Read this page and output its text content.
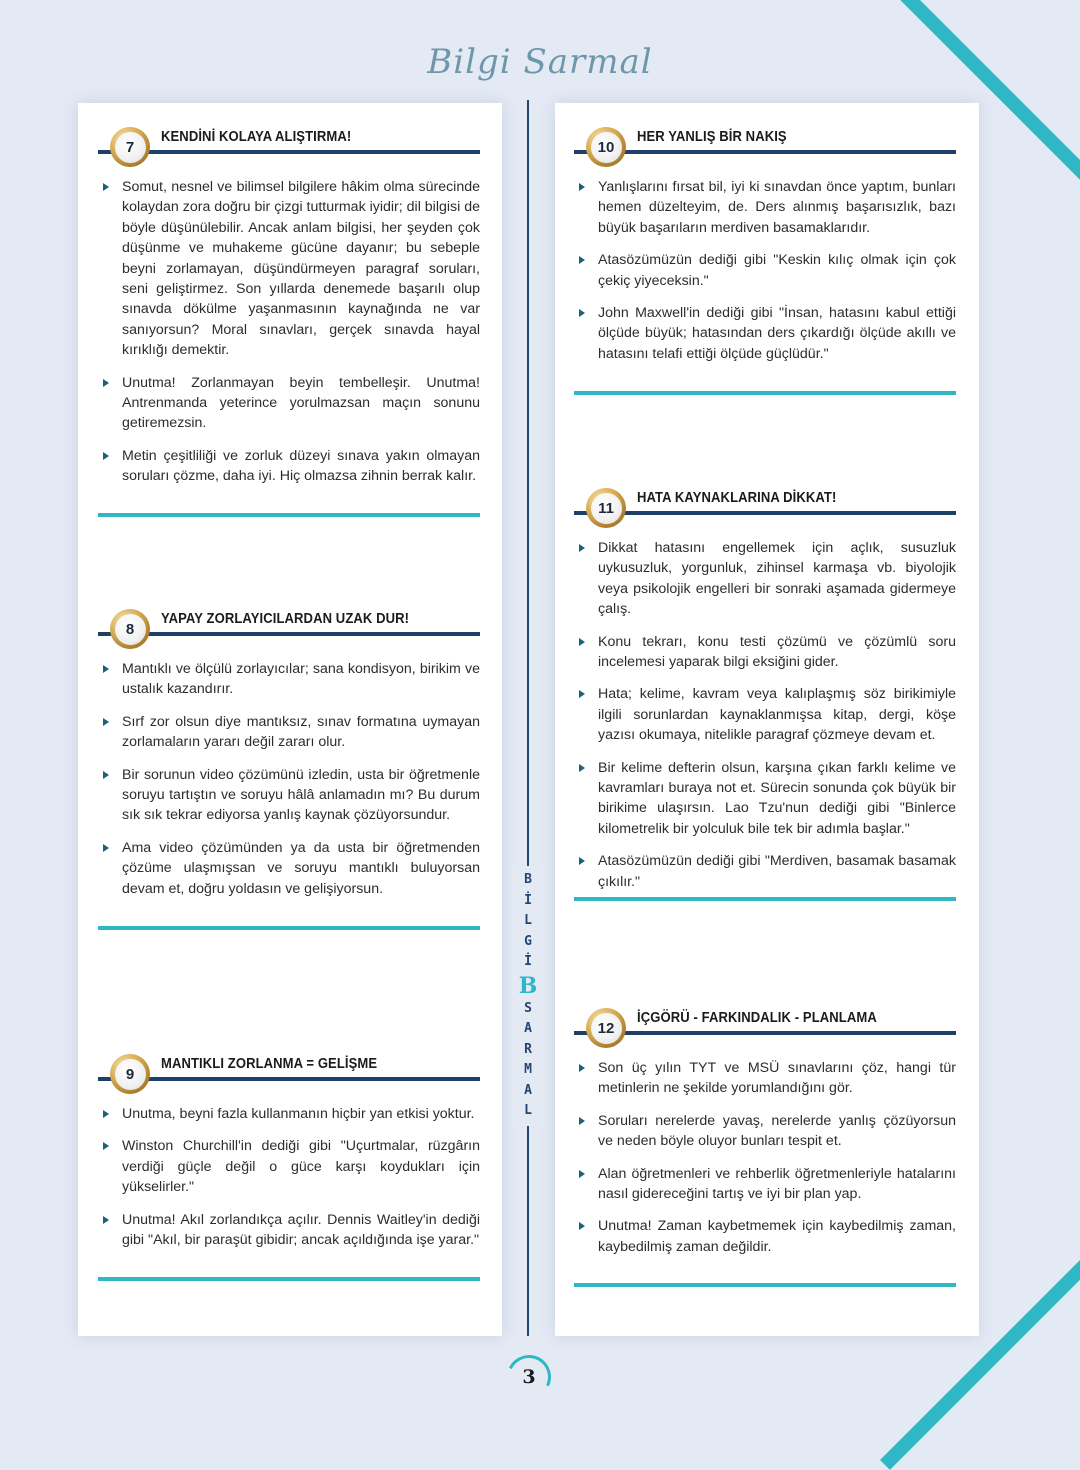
Bilgi Sarmal
B
İ
L
G
İ
B
S
A
R
M
A
L
7
KENDİNİ KOLAYA ALIŞTIRMA!
Somut, nesnel ve bilimsel bilgilere hâkim olma sürecinde kolaydan zora doğru bir çizgi tutturmak iyidir; dil bilgisi de böyle düşünülebilir. Ancak anlam bilgisi, her şeyden çok düşünme ve muhakeme gücüne dayanır; bu sebeple beyni zorlamayan, düşündürmeyen paragraf soruları, seni geliştirmez. Son yıllarda denemede başarılı olup sınavda dökülme yaşanmasının kaynağında ne var sanıyorsun? Moral sınavları, gerçek sınavda hayal kırıklığı demektir.
Unutma! Zorlanmayan beyin tembelleşir. Unutma! Antrenmanda yeterince yorulmazsan maçın sonunu getiremezsin.
Metin çeşitliliği ve zorluk düzeyi sınava yakın olmayan soruları çözme, daha iyi. Hiç olmazsa zihnin berrak kalır.
8
YAPAY ZORLAYICILARDAN UZAK DUR!
Mantıklı ve ölçülü zorlayıcılar; sana kondisyon, birikim ve ustalık kazandırır.
Sırf zor olsun diye mantıksız, sınav formatına uymayan zorlamaların yararı değil zararı olur.
Bir sorunun video çözümünü izledin, usta bir öğretmenle soruyu tartıştın ve soruyu hâlâ anlamadın mı? Bu durum sık sık tekrar ediyorsa yanlış kaynak çözüyorsundur.
Ama video çözümünden ya da usta bir öğretmenden çözüme ulaşmışsan ve soruyu mantıklı buluyorsan devam et, doğru yoldasın ve gelişiyorsun.
9
MANTIKLI ZORLANMA = GELİŞME
Unutma, beyni fazla kullanmanın hiçbir yan etkisi yoktur.
Winston Churchill'in dediği gibi "Uçurtmalar, rüzgârın verdiği güçle değil o güce karşı koydukları için yükselirler."
Unutma! Akıl zorlandıkça açılır. Dennis Waitley'in dediği gibi "Akıl, bir paraşüt gibidir; ancak açıldığında işe yarar."
10
HER YANLIŞ BİR NAKIŞ
Yanlışlarını fırsat bil, iyi ki sınavdan önce yaptım, bunları hemen düzelteyim, de. Ders alınmış başarısızlık, bazı büyük başarıların merdiven basamaklarıdır.
Atasözümüzün dediği gibi "Keskin kılıç olmak için çok çekiç yiyeceksin."
John Maxwell'in dediği gibi "İnsan, hatasını kabul ettiği ölçüde büyük; hatasından ders çıkardığı ölçüde akıllı ve hatasını telafi ettiği ölçüde güçlüdür."
11
HATA KAYNAKLARINA DİKKAT!
Dikkat hatasını engellemek için açlık, susuzluk uykusuzluk, yorgunluk, zihinsel karmaşa vb. biyolojik veya psikolojik engelleri bir sonraki aşamada gidermeye çalış.
Konu tekrarı, konu testi çözümü ve çözümlü soru incelemesi yaparak bilgi eksiğini gider.
Hata; kelime, kavram veya kalıplaşmış söz birikimiyle ilgili sorunlardan kaynaklanmışsa kitap, dergi, köşe yazısı okumaya, nitelikle paragraf çözmeye devam et.
Bir kelime defterin olsun, karşına çıkan farklı kelime ve kavramları buraya not et. Sürecin sonunda çok büyük bir birikime ulaşırsın. Lao Tzu'nun dediği gibi "Binlerce kilometrelik bir yolculuk bile tek bir adımla başlar."
Atasözümüzün dediği gibi "Merdiven, basamak basamak çıkılır."
12
İÇGÖRÜ - FARKINDALIK - PLANLAMA
Son üç yılın TYT ve MSÜ sınavlarını çöz, hangi tür metinlerin ne şekilde yorumlandığını gör.
Soruları nerelerde yavaş, nerelerde yanlış çözüyorsun ve neden böyle oluyor bunları tespit et.
Alan öğretmenleri ve rehberlik öğretmenleriyle hatalarını nasıl gidereceğini tartış ve iyi bir plan yap.
Unutma! Zaman kaybetmemek için kaybedilmiş zaman, kaybedilmiş zaman değildir.
3
